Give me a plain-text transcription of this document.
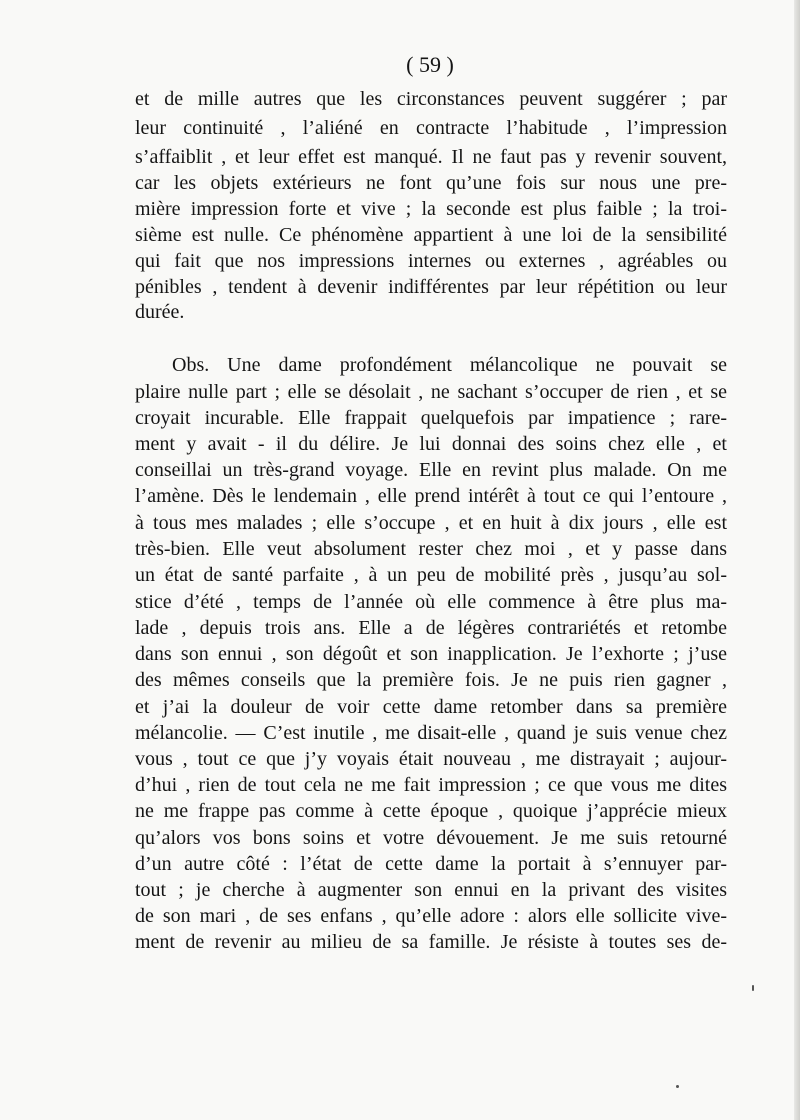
( 59 )
et de mille autres que les circonstances peuvent suggérer ; par
leur continuité , l’aliéné en contracte l’habitude , l’impression
s’affaiblit , et leur effet est manqué. Il ne faut pas y revenir souvent,
car les objets extérieurs ne font qu’une fois sur nous une pre-
mière impression forte et vive ; la seconde est plus faible ; la troi-
sième est nulle. Ce phénomène appartient à une loi de la sensibilité
qui fait que nos impressions internes ou externes , agréables ou
pénibles , tendent à devenir indifférentes par leur répétition ou leur
durée.
Obs. Une dame profondément mélancolique ne pouvait se
plaire nulle part ; elle se désolait , ne sachant s’occuper de rien , et se
croyait incurable. Elle frappait quelquefois par impatience ; rare-
ment y avait - il du délire. Je lui donnai des soins chez elle , et
conseillai un très-grand voyage. Elle en revint plus malade. On me
l’amène. Dès le lendemain , elle prend intérêt à tout ce qui l’entoure ,
à tous mes malades ; elle s’occupe , et en huit à dix jours , elle est
très-bien. Elle veut absolument rester chez moi , et y passe dans
un état de santé parfaite , à un peu de mobilité près , jusqu’au sol-
stice d’été , temps de l’année où elle commence à être plus ma-
lade , depuis trois ans. Elle a de légères contrariétés et retombe
dans son ennui , son dégoût et son inapplication. Je l’exhorte ; j’use
des mêmes conseils que la première fois. Je ne puis rien gagner ,
et j’ai la douleur de voir cette dame retomber dans sa première
mélancolie. — C’est inutile , me disait-elle , quand je suis venue chez
vous , tout ce que j’y voyais était nouveau , me distrayait ; aujour-
d’hui , rien de tout cela ne me fait impression ; ce que vous me dites
ne me frappe pas comme à cette époque , quoique j’apprécie mieux
qu’alors vos bons soins et votre dévouement. Je me suis retourné
d’un autre côté : l’état de cette dame la portait à s’ennuyer par-
tout ; je cherche à augmenter son ennui en la privant des visites
de son mari , de ses enfans , qu’elle adore : alors elle sollicite vive-
ment de revenir au milieu de sa famille. Je résiste à toutes ses de-
